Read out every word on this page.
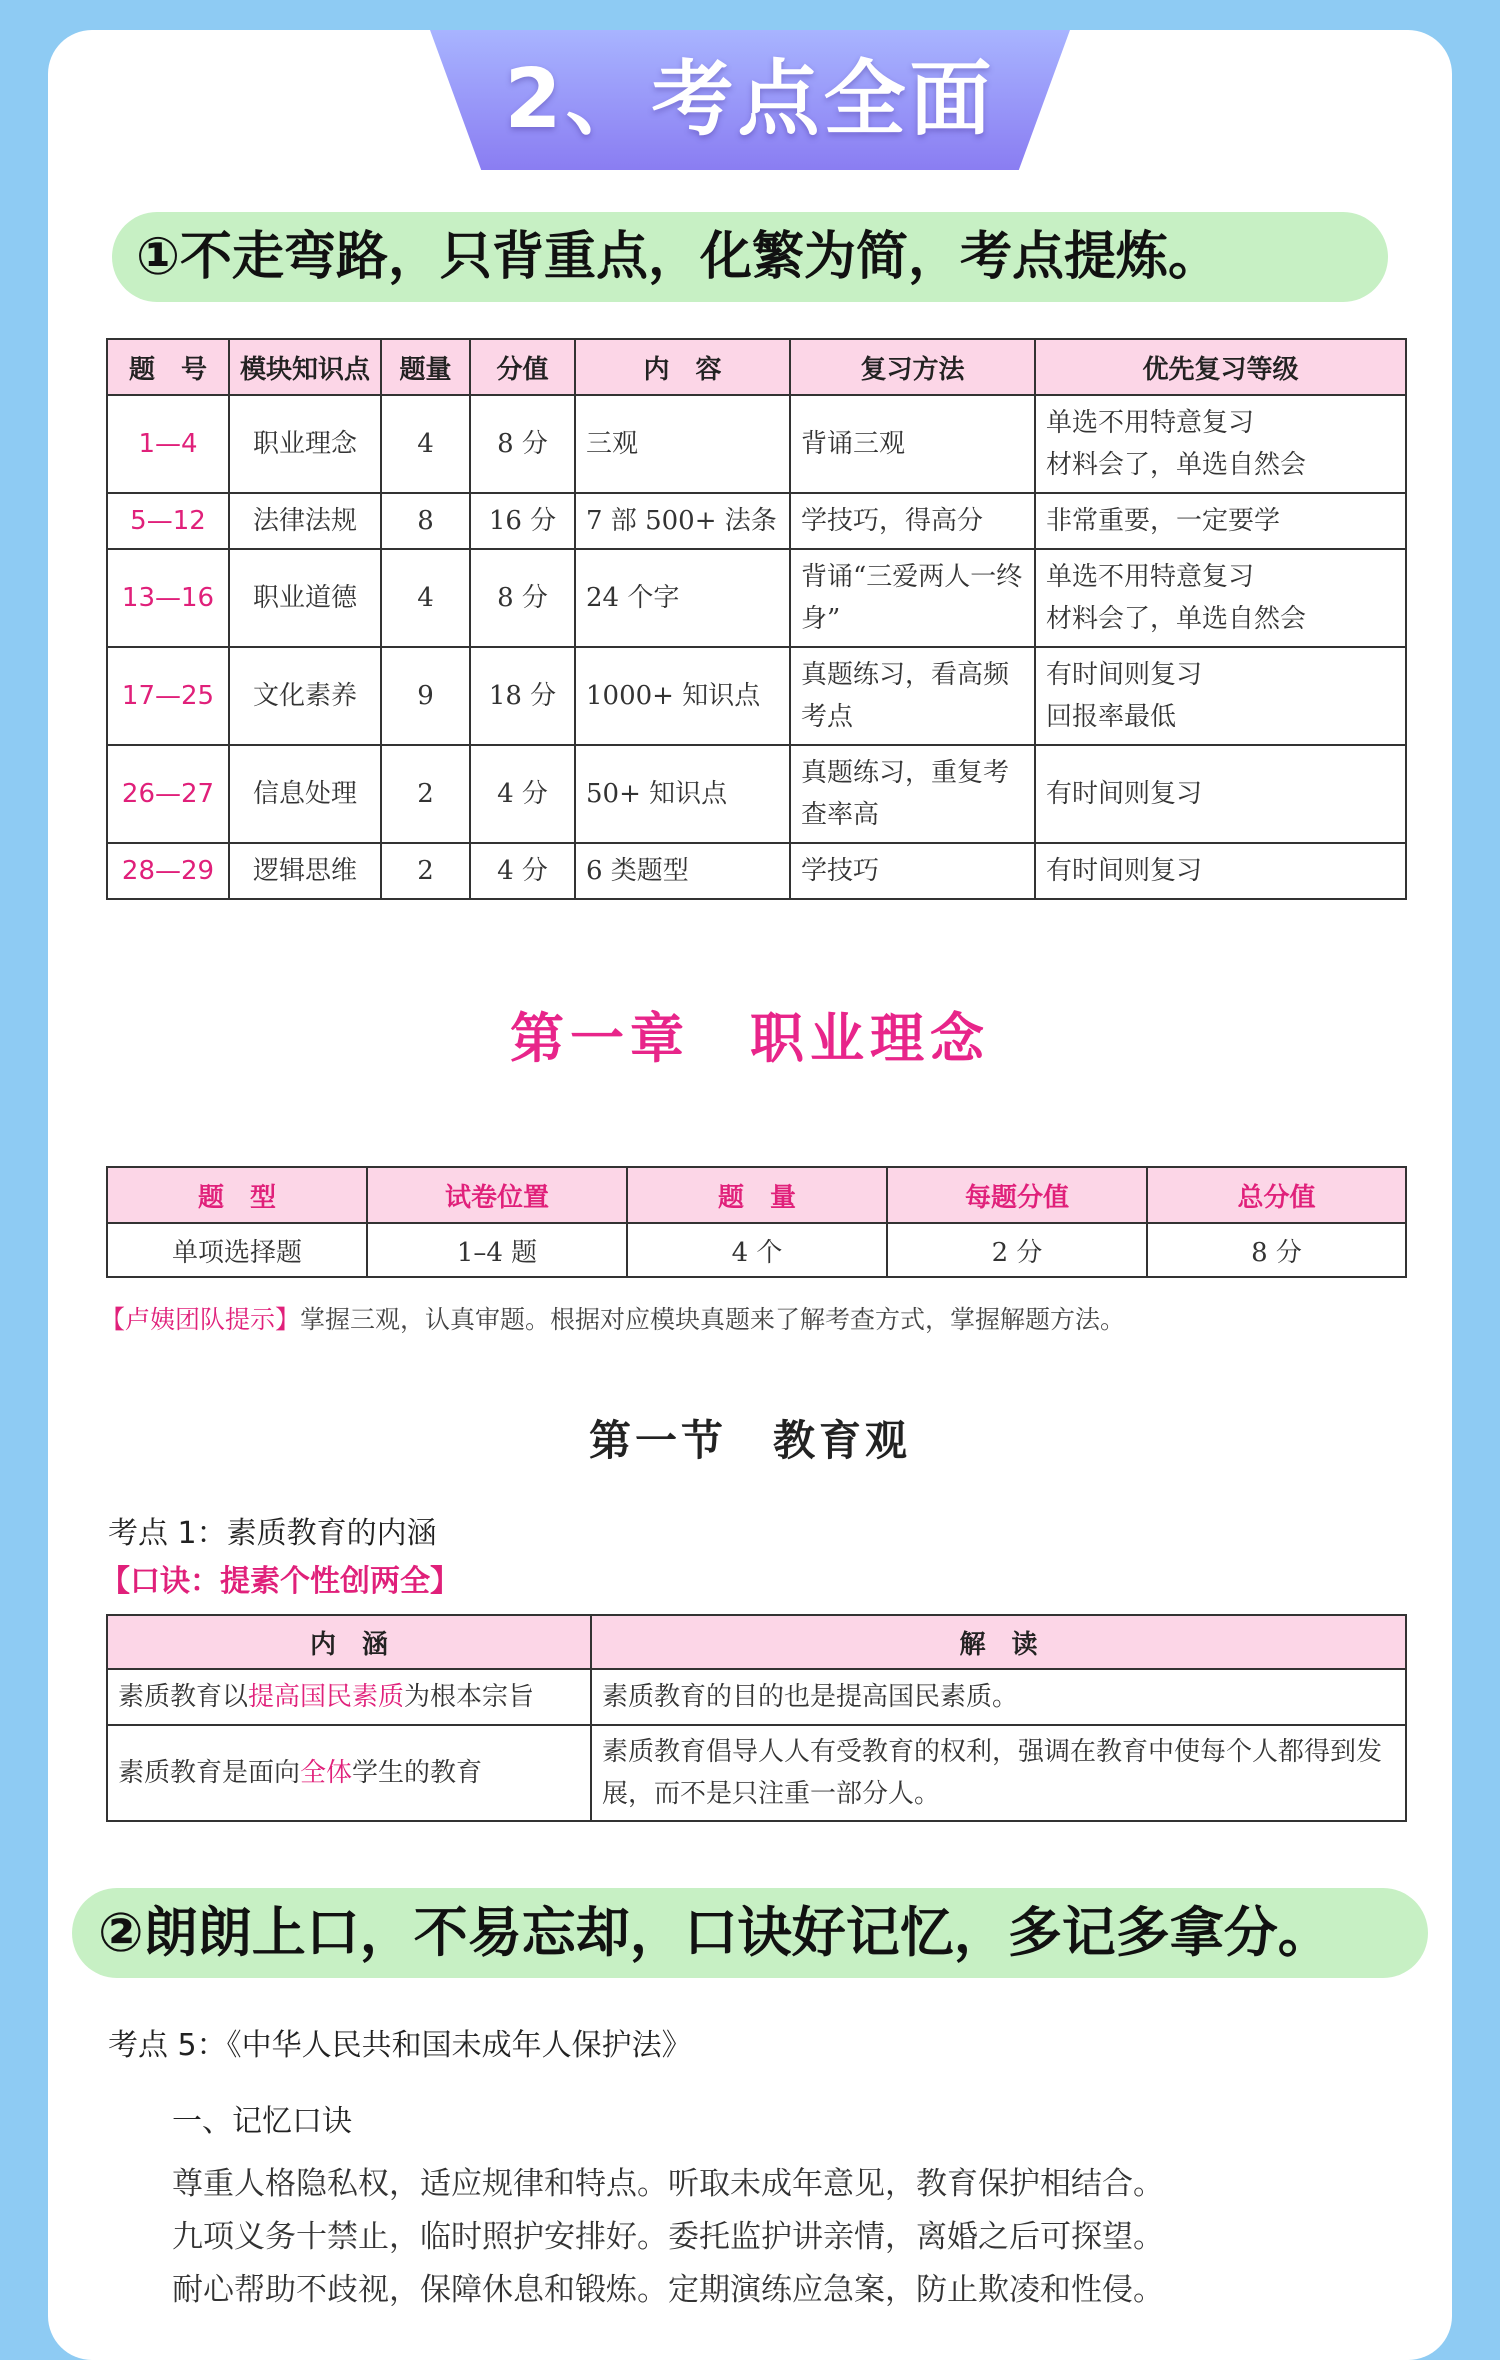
2、考点全面
①不走弯路，只背重点，化繁为简，考点提炼。
题　号	模块知识点	题量	分值	内　容	复习方法	优先复习等级
1—4	职业理念	4	8 分	三观	背诵三观	单选不用特意复习
材料会了，单选自然会

5—12	法律法规	8	16 分	7 部 500+ 法条	学技巧，得高分	非常重要，一定要学

13—16	职业道德	4	8 分	24 个字	背诵“三爱两人一终身”	单选不用特意复习
材料会了，单选自然会

17—25	文化素养	9	18 分	1000+ 知识点	真题练习，看高频考点	有时间则复习
回报率最低

26—27	信息处理	2	4 分	50+ 知识点	真题练习，重复考查率高	有时间则复习

28—29	逻辑思维	2	4 分	6 类题型	学技巧	有时间则复习
第一章　职业理念
题　型	试卷位置	题　量	每题分值	总分值
单项选择题	1–4 题	4 个	2 分	8 分
【卢姨团队提示】掌握三观，认真审题。根据对应模块真题来了解考查方式，掌握解题方法。
第一节　教育观
考点 1：素质教育的内涵
【口诀：提素个性创两全】
内　涵	解　读
素质教育以提高国民素质为根本宗旨	素质教育的目的也是提高国民素质。
素质教育是面向全体学生的教育	素质教育倡导人人有受教育的权利，强调在教育中使每个人都得到发展，而不是只注重一部分人。
②朗朗上口，不易忘却，口诀好记忆，多记多拿分。
考点 5：《中华人民共和国未成年人保护法》
一、记忆口诀
尊重人格隐私权，适应规律和特点。听取未成年意见，教育保护相结合。
九项义务十禁止，临时照护安排好。委托监护讲亲情，离婚之后可探望。
耐心帮助不歧视，保障休息和锻炼。定期演练应急案，防止欺凌和性侵。
